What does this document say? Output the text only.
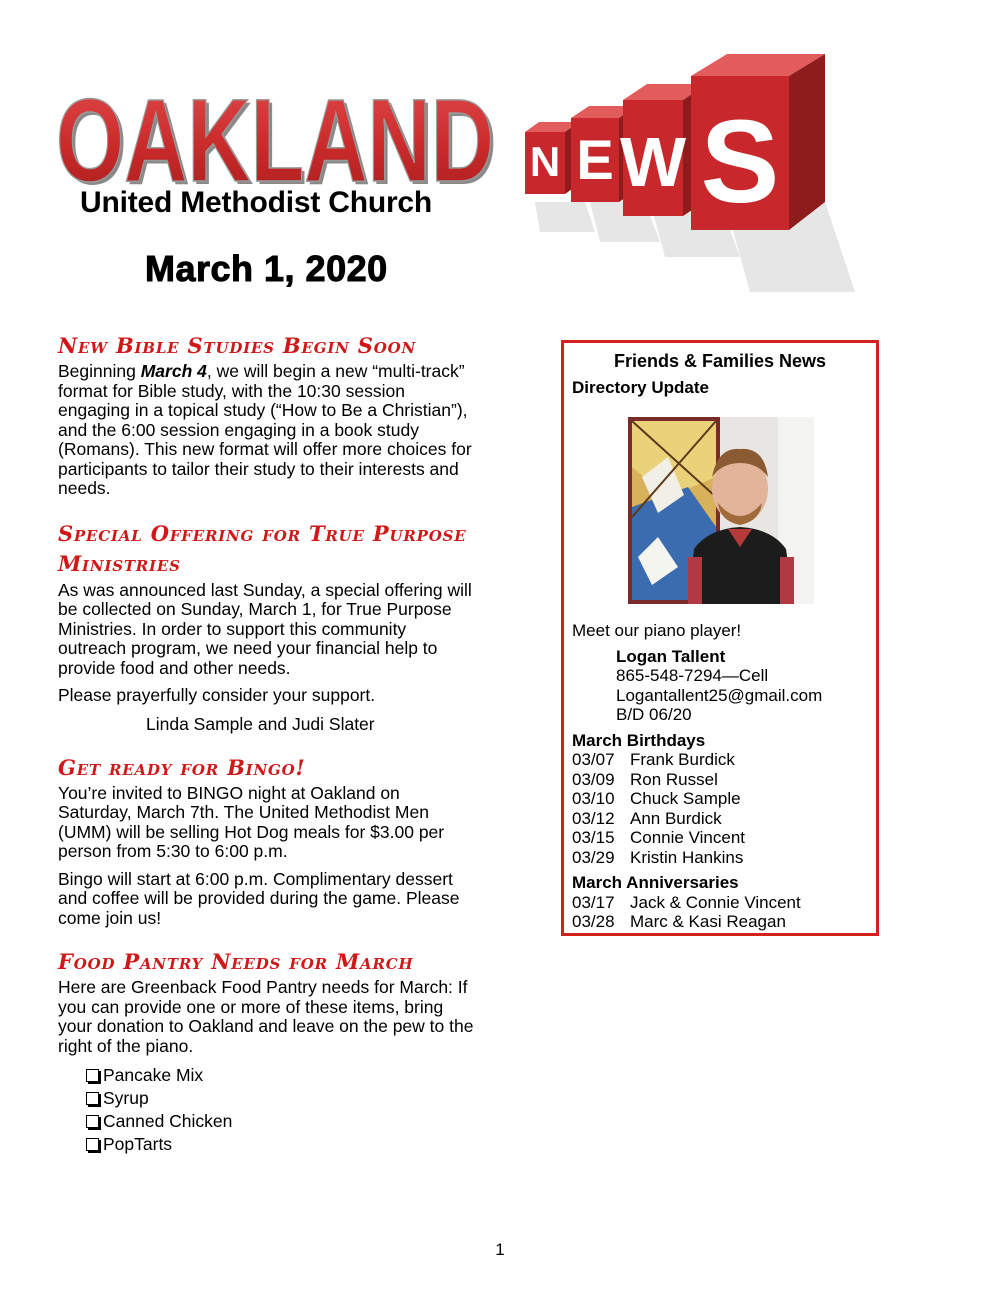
OAKLAND
OAKLAND
United Methodist Church
March 1, 2020
N E W S
New Bible Studies Begin Soon

Beginning March 4, we will begin a new “multi-track” format for Bible study, with the 10:30 session engaging in a topical study (“How to Be a Christian”), and the 6:00 session engaging in a book study (Romans). This new format will offer more choices for participants to tailor their study to their interests and needs.

Special Offering for True Purpose Ministries

As was announced last Sunday, a special offering will be collected on Sunday, March 1, for True Purpose Ministries. In order to support this community outreach program, we need your financial help to provide food and other needs.

Please prayerfully consider your support.

Linda Sample and Judi Slater
Get ready for Bingo!

You’re invited to BINGO night at Oakland on Saturday, March 7th. The United Methodist Men (UMM) will be selling Hot Dog meals for $3.00 per person from 5:30 to 6:00 p.m.

Bingo will start at 6:00 p.m. Complimentary dessert and coffee will be provided during the game. Please come join us!

Food Pantry Needs for March

Here are Greenback Food Pantry needs for March: If you can provide one or more of these items, bring your donation to Oakland and leave on the pew to the right of the piano.

Pancake Mix
Syrup
Canned Chicken
PopTarts
Friends & Families News
Directory Update
Meet our piano player!
Logan Tallent
865-548-7294—Cell
Logantallent25@gmail.com
B/D 06/20
March Birthdays
03/07 Frank Burdick
03/09 Ron Russel
03/10 Chuck Sample
03/12 Ann Burdick
03/15 Connie Vincent
03/29 Kristin Hankins
March Anniversaries
03/17 Jack & Connie Vincent
03/28 Marc & Kasi Reagan
1
